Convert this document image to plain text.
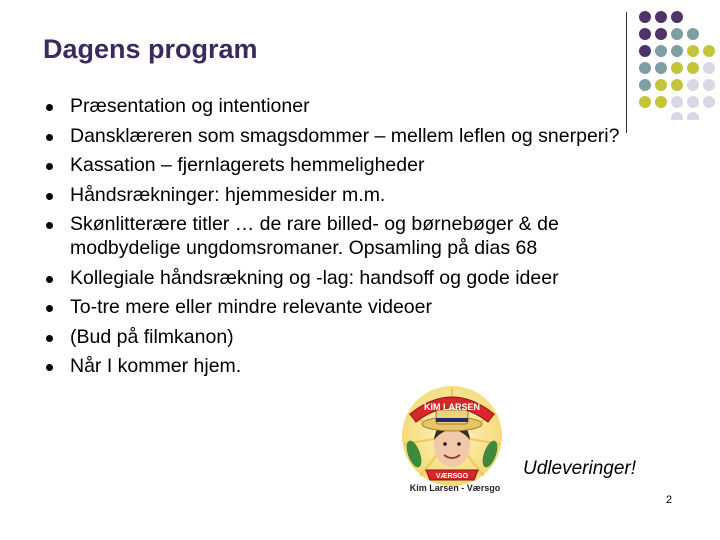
Dagens program
Præsentation og intentioner
Dansklæreren som smagsdommer – mellem leflen og snerperi?
Kassation – fjernlagerets hemmeligheder
Håndsrækninger: hjemmesider m.m.
Skønlitterære titler … de rare billed- og børnebøger & de modbydelige ungdomsromaner. Opsamling på dias 68
Kollegiale håndsrækning og -lag: handsoff og gode ideer
To-tre mere eller mindre relevante videoer
(Bud på filmkanon)
Når I kommer hjem.
KIM LARSEN
VÆRSGO
Kim Larsen - Værsgo
Udleveringer!
2
